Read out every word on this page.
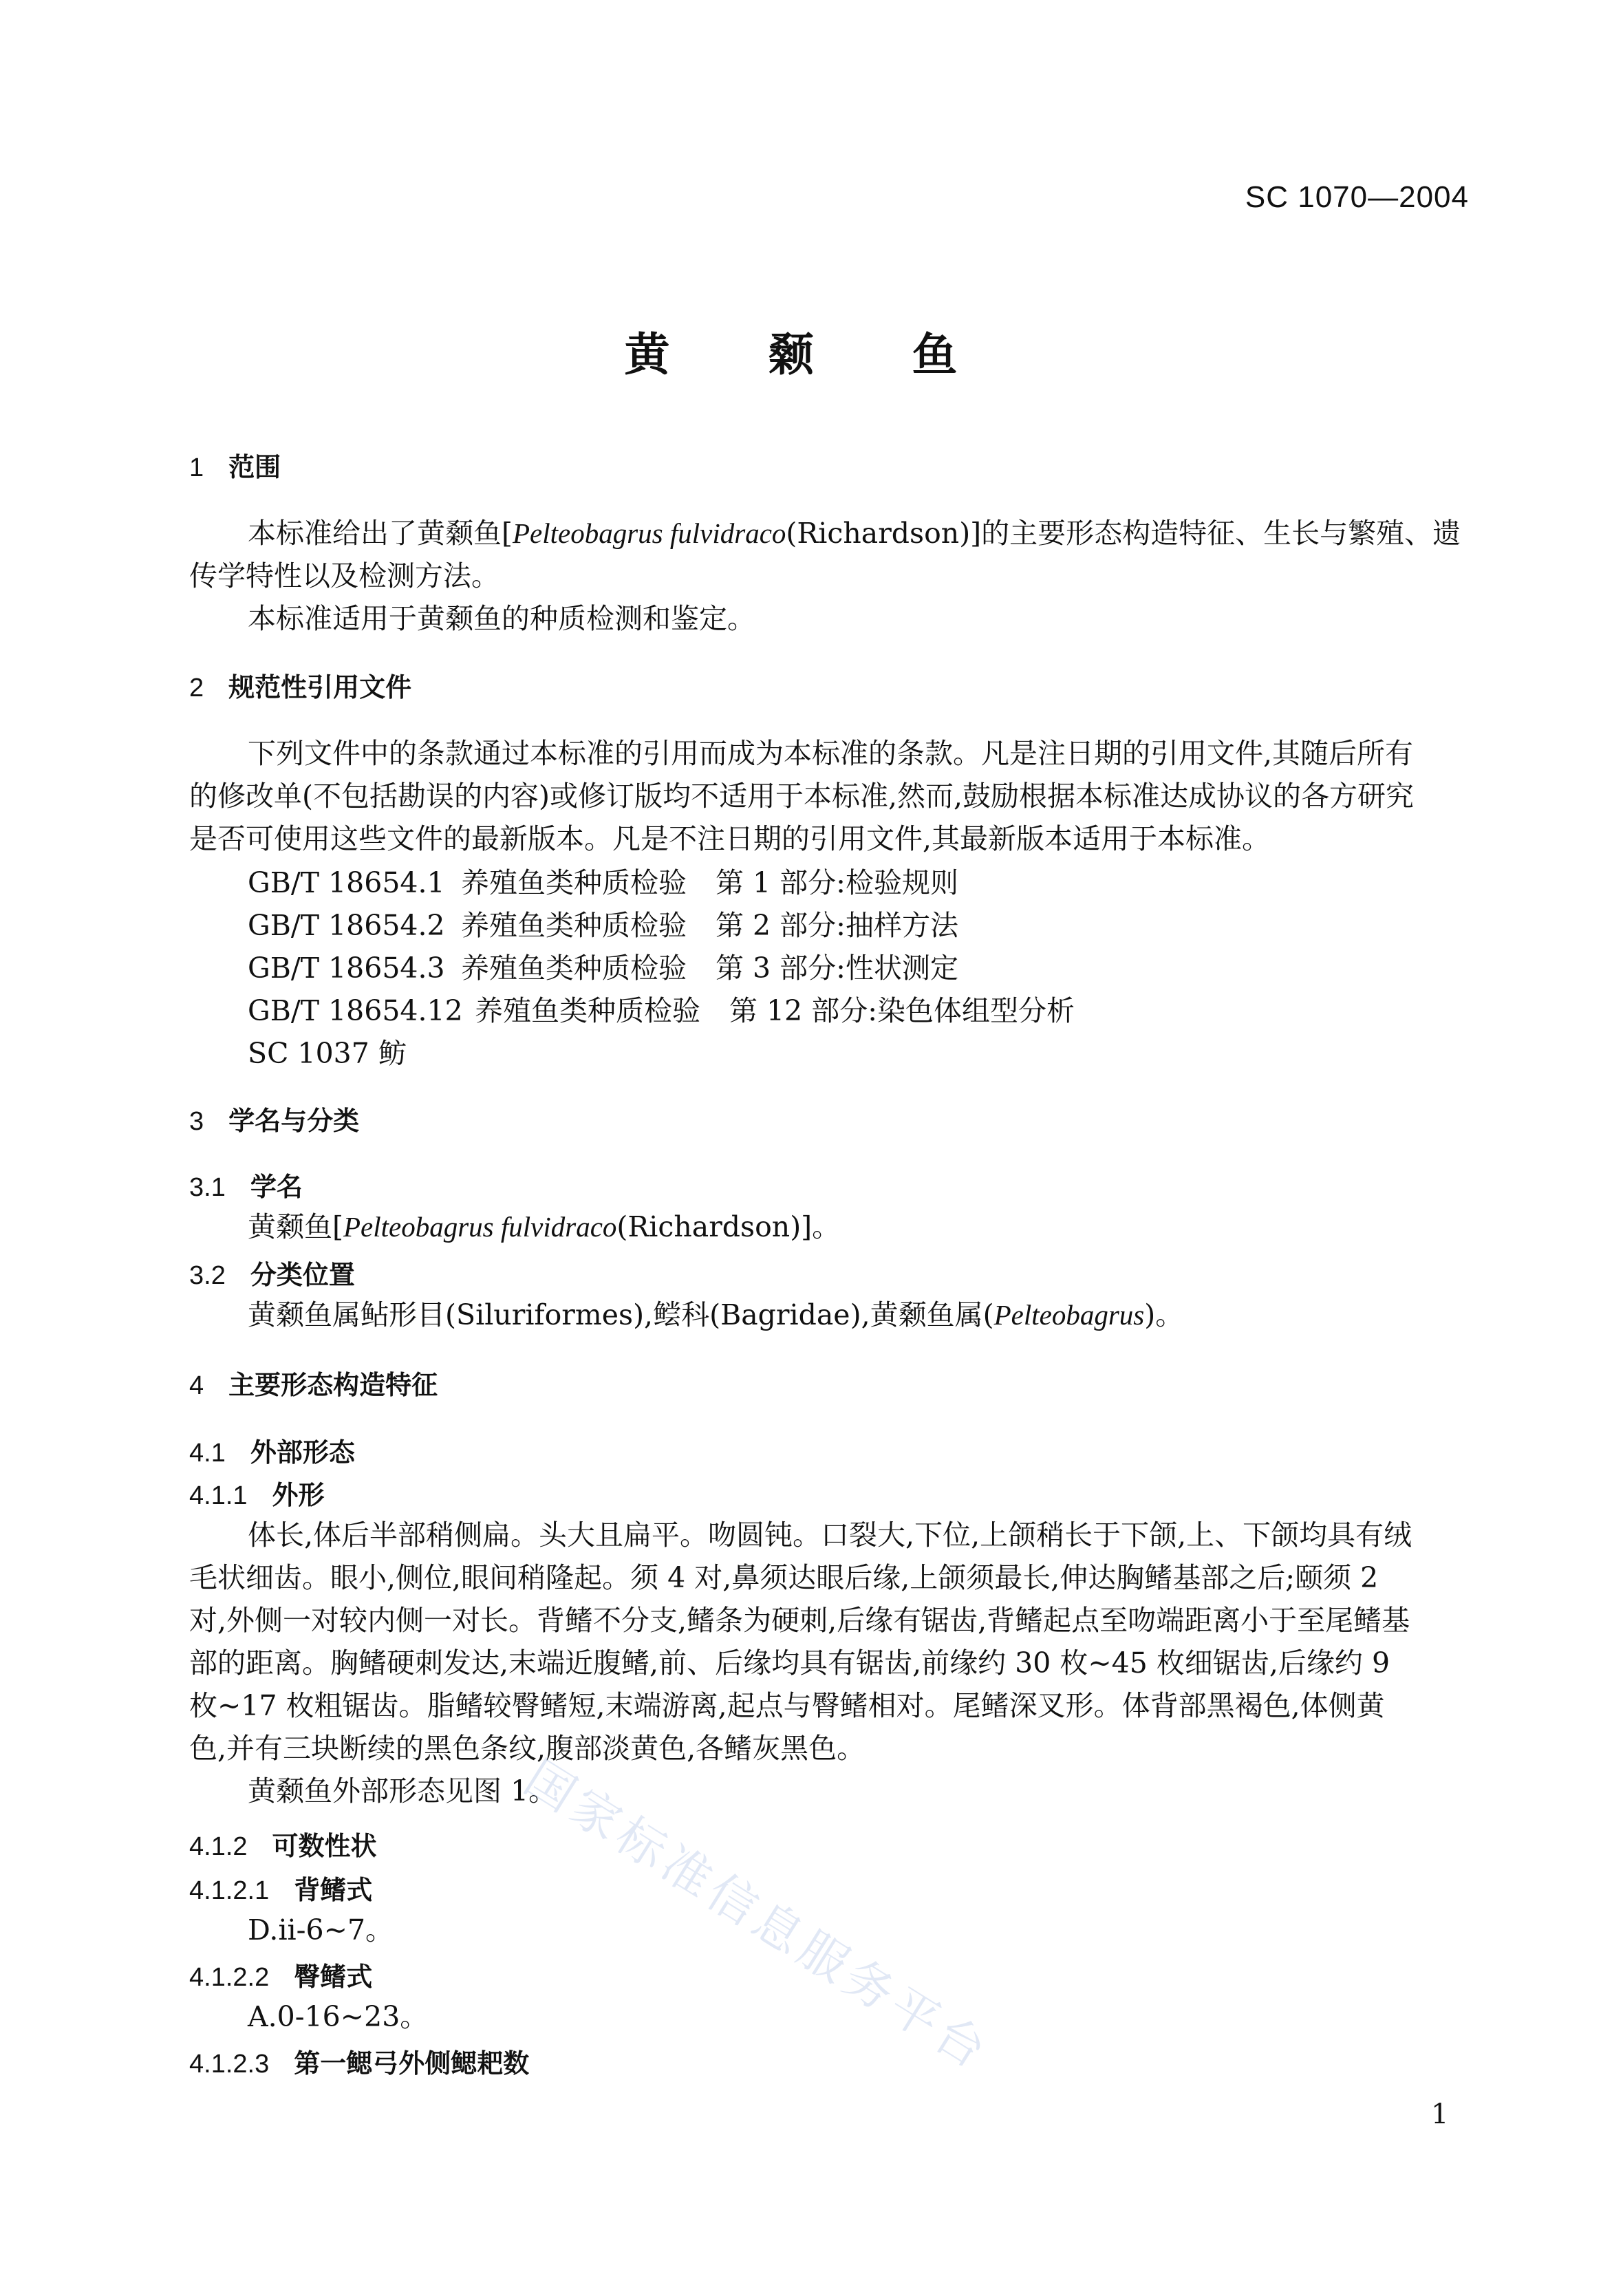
SC 1070—2004
黄 颡 鱼
1 范围
本标准给出了黄颡鱼[Pelteobagrus fulvidraco(Richardson)]的主要形态构造特征、生长与繁殖、遗
传学特性以及检测方法。
本标准适用于黄颡鱼的种质检测和鉴定。
2 规范性引用文件
下列文件中的条款通过本标准的引用而成为本标准的条款。凡是注日期的引用文件,其随后所有
的修改单(不包括勘误的内容)或修订版均不适用于本标准,然而,鼓励根据本标准达成协议的各方研究
是否可使用这些文件的最新版本。凡是不注日期的引用文件,其最新版本适用于本标准。
GB/T 18654.1 养殖鱼类种质检验 第 1 部分:检验规则
GB/T 18654.2 养殖鱼类种质检验 第 2 部分:抽样方法
GB/T 18654.3 养殖鱼类种质检验 第 3 部分:性状测定
GB/T 18654.12 养殖鱼类种质检验 第 12 部分:染色体组型分析
SC 1037 鲂
3 学名与分类
3.1 学名
黄颡鱼[Pelteobagrus fulvidraco(Richardson)]。
3.2 分类位置
黄颡鱼属鲇形目(Siluriformes),鲿科(Bagridae),黄颡鱼属(Pelteobagrus)。
4 主要形态构造特征
4.1 外部形态
4.1.1 外形
体长,体后半部稍侧扁。头大且扁平。吻圆钝。口裂大,下位,上颌稍长于下颌,上、下颌均具有绒
毛状细齿。眼小,侧位,眼间稍隆起。须 4 对,鼻须达眼后缘,上颌须最长,伸达胸鳍基部之后;颐须 2
对,外侧一对较内侧一对长。背鳍不分支,鳍条为硬刺,后缘有锯齿,背鳍起点至吻端距离小于至尾鳍基
部的距离。胸鳍硬刺发达,末端近腹鳍,前、后缘均具有锯齿,前缘约 30 枚~45 枚细锯齿,后缘约 9
枚~17 枚粗锯齿。脂鳍较臀鳍短,末端游离,起点与臀鳍相对。尾鳍深叉形。体背部黑褐色,体侧黄
色,并有三块断续的黑色条纹,腹部淡黄色,各鳍灰黑色。
黄颡鱼外部形态见图 1。
4.1.2 可数性状
4.1.2.1 背鳍式
D.ii-6~7。
4.1.2.2 臀鳍式
A.0-16~23。
4.1.2.3 第一鳃弓外侧鳃耙数
国家标准信息服务平台
1
